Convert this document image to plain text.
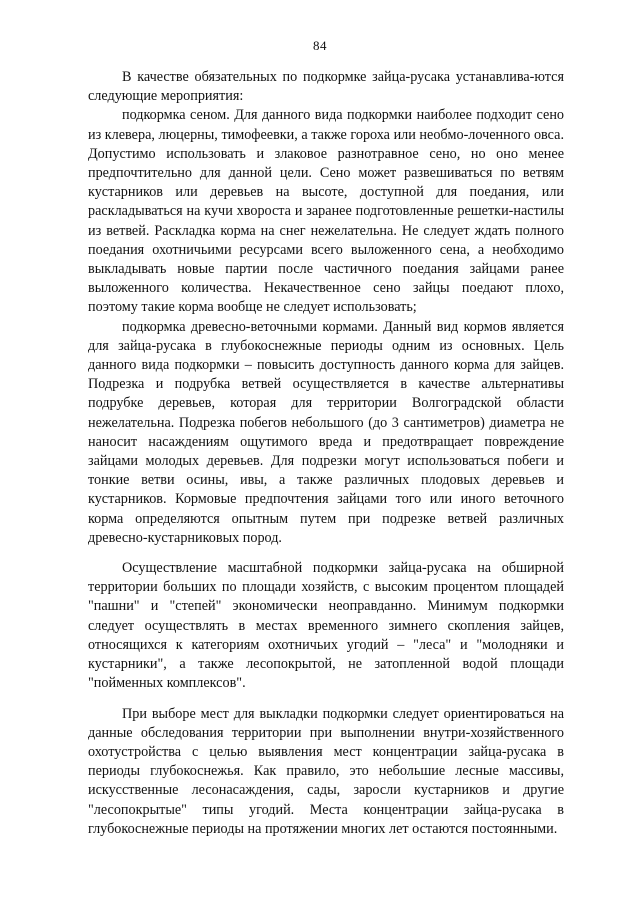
84

В качестве обязательных по подкормке зайца-русака устанавлива-ются следующие мероприятия:

подкормка сеном. Для данного вида подкормки наиболее подходит сено из клевера, люцерны, тимофеевки, а также гороха или необмо-лоченного овса. Допустимо использовать и злаковое разнотравное сено, но оно менее предпочтительно для данной цели. Сено может развешиваться по ветвям кустарников или деревьев на высоте, доступной для поедания, или раскладываться на кучи хвороста и заранее подготовленные решетки-настилы из ветвей. Раскладка корма на снег нежелательна. Не следует ждать полного поедания охотничьими ресурсами всего выложенного сена, а необходимо выкладывать новые партии после частичного поедания зайцами ранее выложенного количества. Некачественное сено зайцы поедают плохо, поэтому такие корма вообще не следует использовать;

подкормка древесно-веточными кормами. Данный вид кормов является для зайца-русака в глубокоснежные периоды одним из основных. Цель данного вида подкормки – повысить доступность данного корма для зайцев. Подрезка и подрубка ветвей осуществляется в качестве альтернативы подрубке деревьев, которая для территории Волгоградской области нежелательна. Подрезка побегов небольшого (до 3 сантиметров) диаметра не наносит насаждениям ощутимого вреда и предотвращает повреждение зайцами молодых деревьев. Для подрезки могут использоваться побеги и тонкие ветви осины, ивы, а также различных плодовых деревьев и кустарников. Кормовые предпочтения зайцами того или иного веточного корма определяются опытным путем при подрезке ветвей различных древесно-кустарниковых пород.

Осуществление масштабной подкормки зайца-русака на обширной территории больших по площади хозяйств, с высоким процентом площадей "пашни" и "степей" экономически неоправданно. Минимум подкормки следует осуществлять в местах временного зимнего скопления зайцев, относящихся к категориям охотничьих угодий – "леса" и "молодняки и кустарники", а также лесопокрытой, не затопленной водой площади "пойменных комплексов".

При выборе мест для выкладки подкормки следует ориентироваться на данные обследования территории при выполнении внутри-хозяйственного охотустройства с целью выявления мест концентрации зайца-русака в периоды глубокоснежья. Как правило, это небольшие лесные массивы, искусственные лесонасаждения, сады, заросли кустарников и другие "лесопокрытые" типы угодий. Места концентрации зайца-русака в глубокоснежные периоды на протяжении многих лет остаются постоянными.
